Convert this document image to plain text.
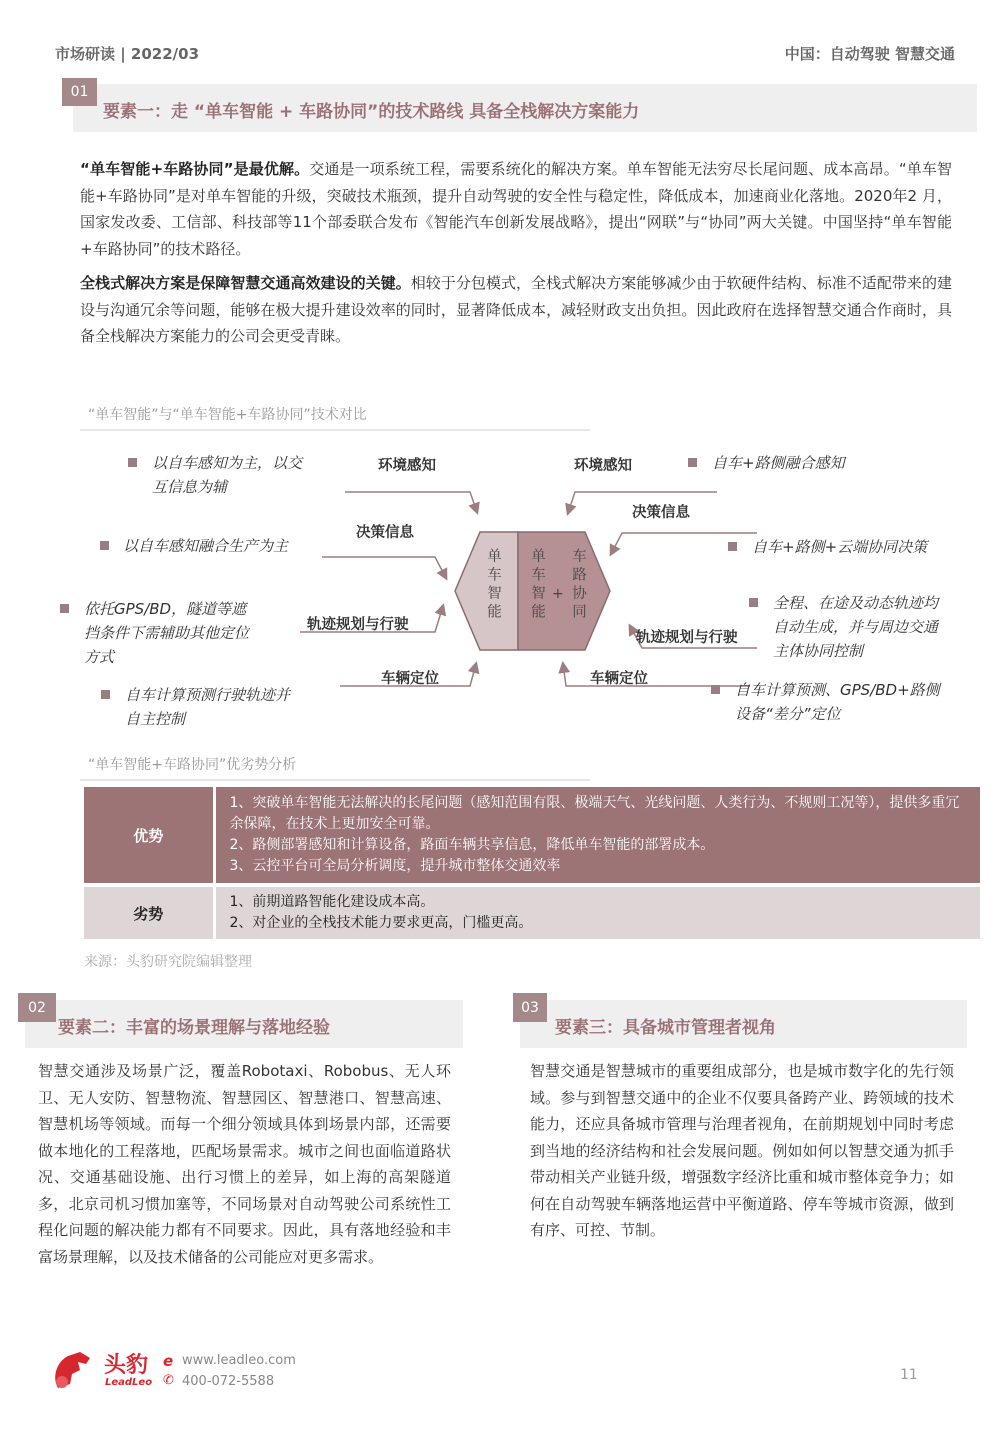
市场研读 | 2022/03	中国：自动驾驶 智慧交通
01
要素一：走 “单车智能 + 车路协同”的技术路线 具备全栈解决方案能力
“单车智能+车路协同”是最优解。交通是一项系统工程，需要系统化的解决方案。单车智能无法穷尽长尾问题、成本高昂。“单车智能+车路协同”是对单车智能的升级，突破技术瓶颈，提升自动驾驶的安全性与稳定性，降低成本，加速商业化落地。2020年2 月，国家发改委、工信部、科技部等11个部委联合发布《智能汽车创新发展战略》，提出“网联”与“协同”两大关键。中国坚持“单车智能+车路协同”的技术路径。
全栈式解决方案是保障智慧交通高效建设的关键。相较于分包模式，全栈式解决方案能够减少由于软硬件结构、标准不适配带来的建设与沟通冗余等问题，能够在极大提升建设效率的同时，显著降低成本，减轻财政支出负担。因此政府在选择智慧交通合作商时，具备全栈解决方案能力的公司会更受青睐。
“单车智能”与“单车智能+车路协同”技术对比
单车智能 单车智能 + 车路协同
环境感知
决策信息
轨迹规划与行驶
车辆定位
环境感知
决策信息
轨迹规划与行驶
车辆定位
以自车感知为主，以交
互信息为辅
以自车感知融合生产为主
依托GPS/BD，隧道等遮
挡条件下需辅助其他定位
方式
自车计算预测行驶轨迹并
自主控制
自车+路侧融合感知
自车+路侧+云端协同决策
全程、在途及动态轨迹均
自动生成，并与周边交通
主体协同控制
自车计算预测、GPS/BD+路侧
设备“差分”定位
“单车智能+车路协同”优劣势分析
优势	1、突破单车智能无法解决的长尾问题（感知范围有限、极端天气、光线问题、人类行为、不规则工况等），提供多重冗余保障，在技术上更加安全可靠。
2、路侧部署感知和计算设备，路面车辆共享信息，降低单车智能的部署成本。
3、云控平台可全局分析调度，提升城市整体交通效率

劣势	1、前期道路智能化建设成本高。
2、对企业的全栈技术能力要求更高，门槛更高。
来源：头豹研究院编辑整理
02
要素二：丰富的场景理解与落地经验
智慧交通涉及场景广泛，覆盖Robotaxi、Robobus、无人环卫、无人安防、智慧物流、智慧园区、智慧港口、智慧高速、智慧机场等领域。而每一个细分领域具体到场景内部，还需要做本地化的工程落地，匹配场景需求。城市之间也面临道路状况、交通基础设施、出行习惯上的差异，如上海的高架隧道多，北京司机习惯加塞等，不同场景对自动驾驶公司系统性工程化问题的解决能力都有不同要求。因此，具有落地经验和丰富场景理解，以及技术储备的公司能应对更多需求。
03
要素三：具备城市管理者视角
智慧交通是智慧城市的重要组成部分，也是城市数字化的先行领域。参与到智慧交通中的企业不仅要具备跨产业、跨领域的技术能力，还应具备城市管理与治理者视角，在前期规划中同时考虑到当地的经济结构和社会发展问题。例如如何以智慧交通为抓手带动相关产业链升级，增强数字经济比重和城市整体竞争力；如何在自动驾驶车辆落地运营中平衡道路、停车等城市资源，做到有序、可控、节制。
头豹
LeadLeo
e www.leadleo.com
✆ 400-072-5588	11
